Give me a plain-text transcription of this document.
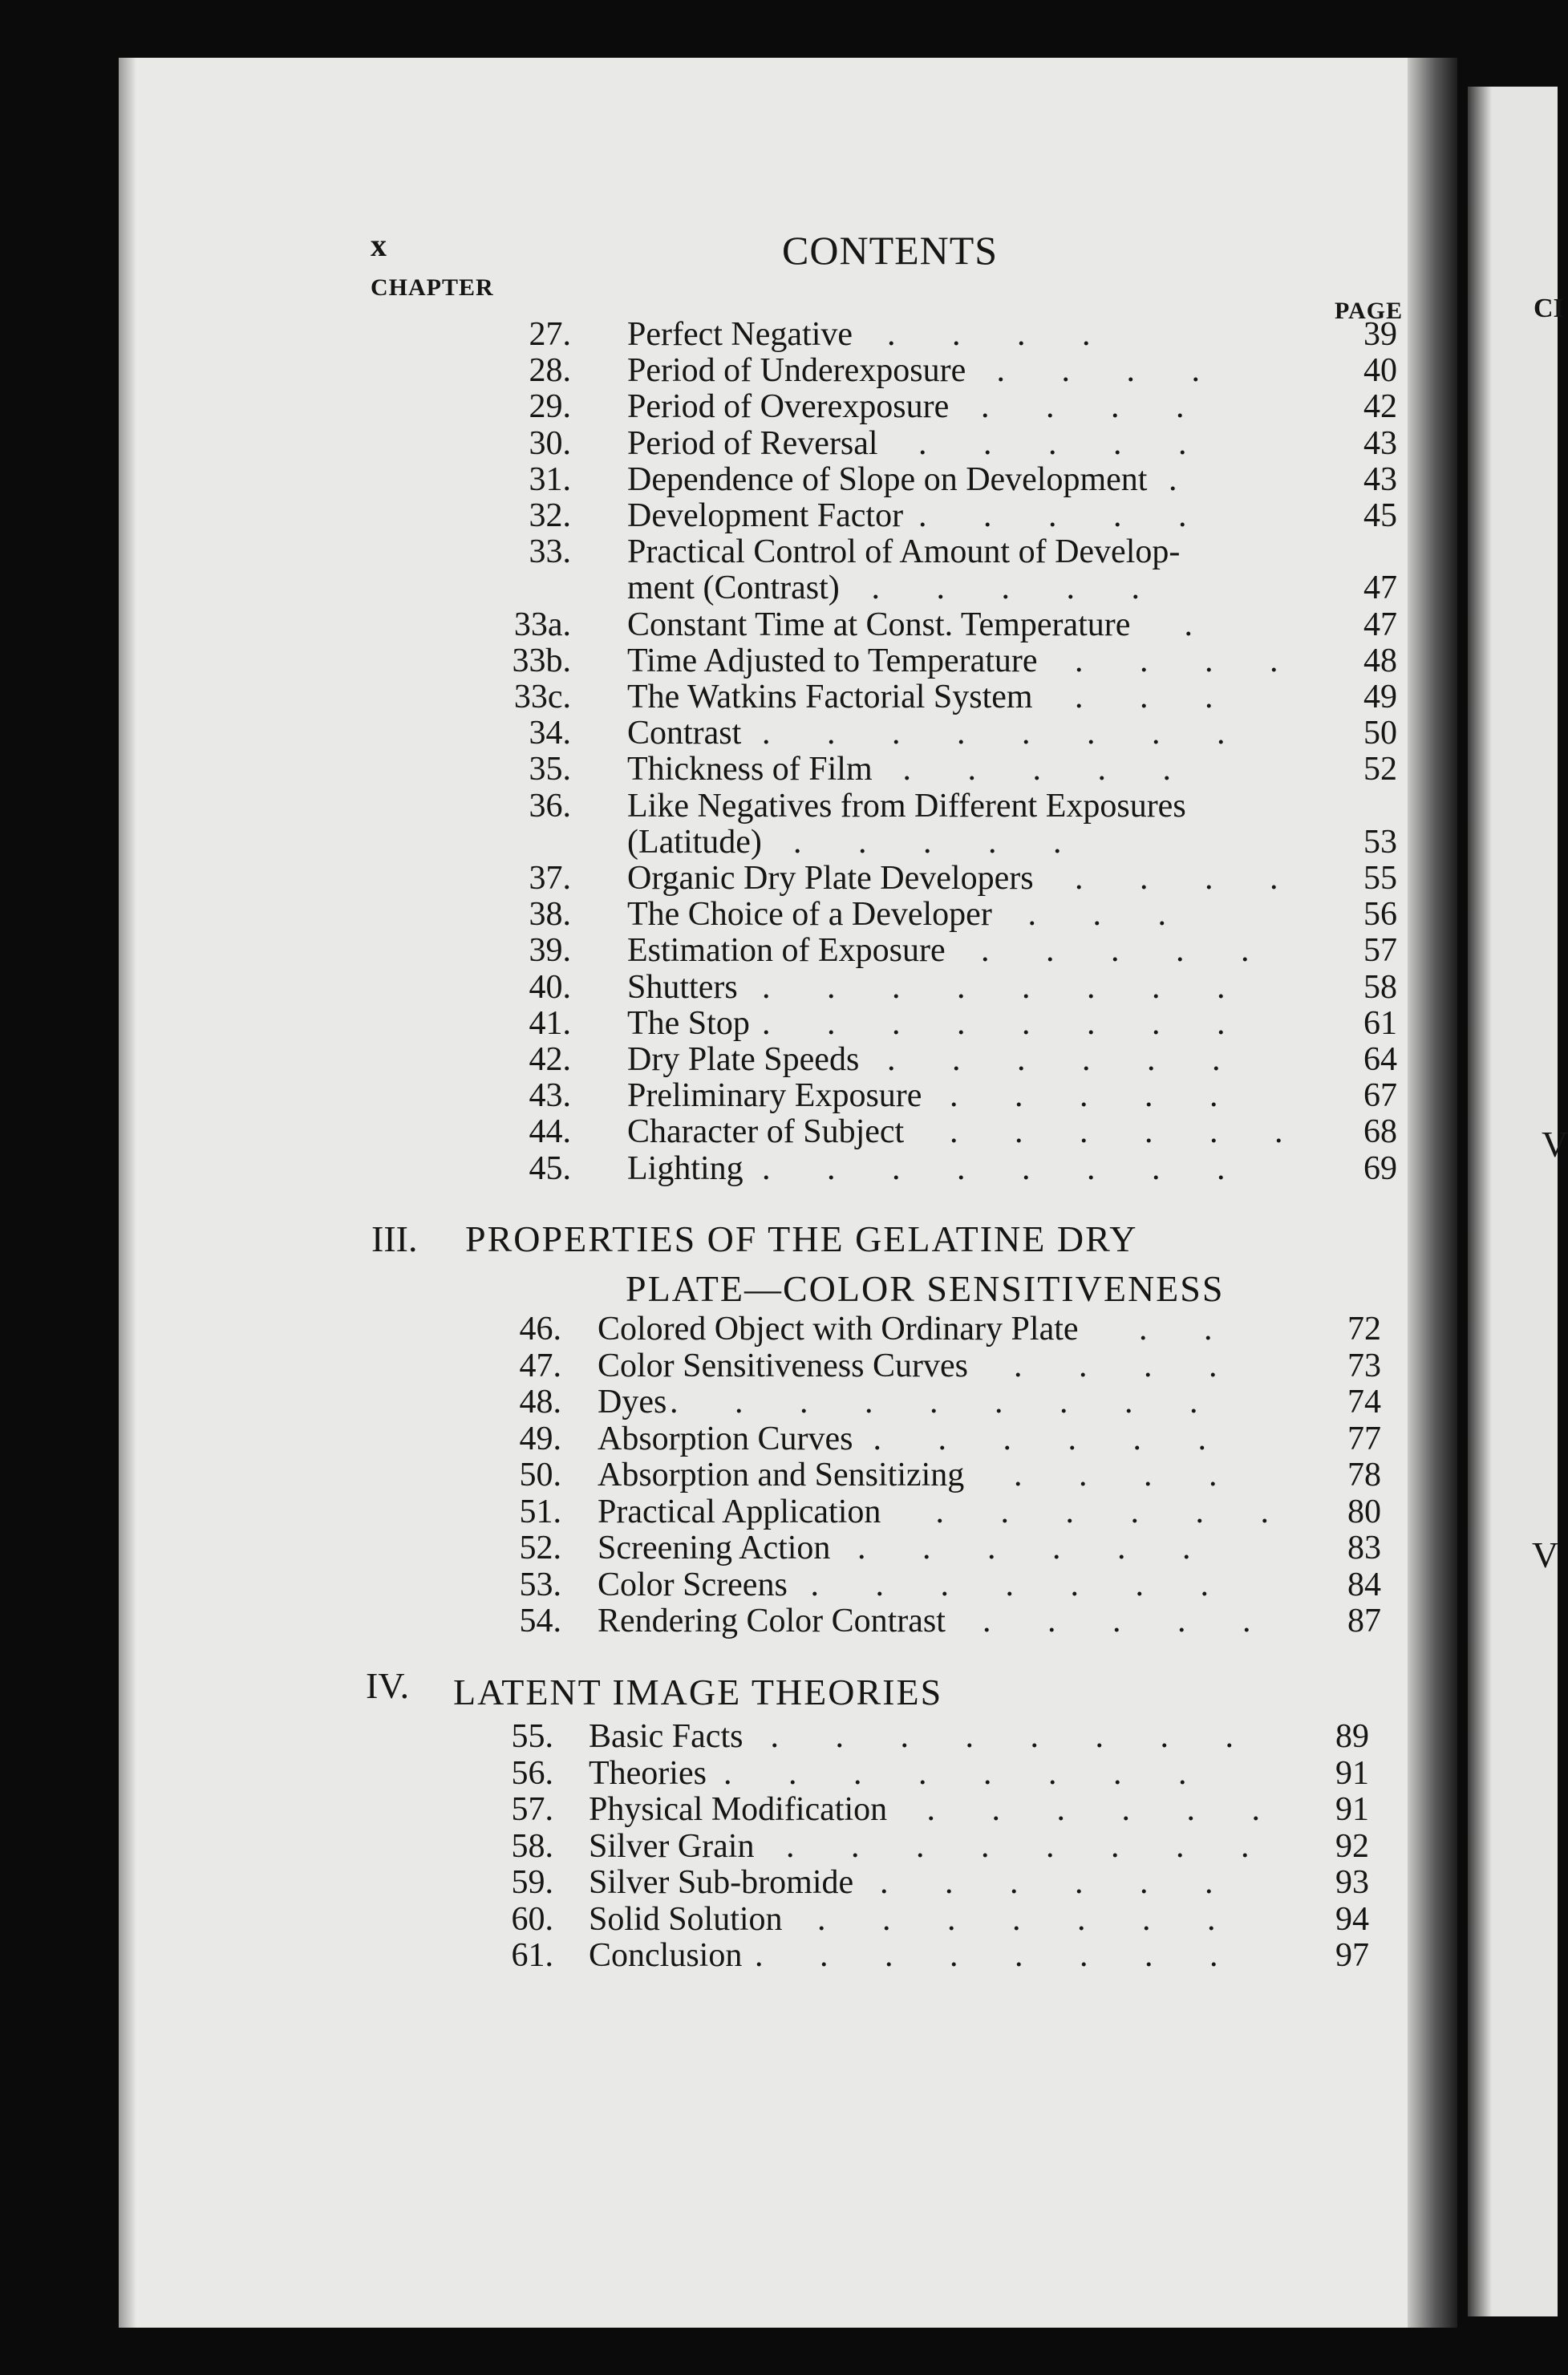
x	CONTENTS
CHAPTER
PAGE
27. Perfect Negative . . . .	39
28. Period of Underexposure . . . .	40
29. Period of Overexposure . . . .	42
30. Period of Reversal . . . . .	43
31. Dependence of Slope on Development .	43
32. Development Factor . . . . .	45
33. Practical Control of Amount of Develop-
ment (Contrast) . . . . .	47
33a. Constant Time at Const. Temperature .	47
33b. Time Adjusted to Temperature . . . .	48
33c. The Watkins Factorial System . . .	49
34. Contrast . . . . . . . .	50
35. Thickness of Film . . . . .	52
36. Like Negatives from Different Exposures
(Latitude) . . . . .	53
37. Organic Dry Plate Developers . . . .	55
38. The Choice of a Developer . . .	56
39. Estimation of Exposure . . . . .	57
40. Shutters . . . . . . . .	58
41. The Stop . . . . . . . .	61
42. Dry Plate Speeds . . . . . .	64
43. Preliminary Exposure . . . . .	67
44. Character of Subject . . . . . .	68
45. Lighting . . . . . . . .	69
III. PROPERTIES OF THE GELATINE DRY
PLATE—COLOR SENSITIVENESS
46. Colored Object with Ordinary Plate . .	72
47. Color Sensitiveness Curves . . . .	73
48. Dyes . . . . . . . . .	74
49. Absorption Curves . . . . . .	77
50. Absorption and Sensitizing . . . .	78
51. Practical Application . . . . . .	80
52. Screening Action . . . . . .	83
53. Color Screens . . . . . . .	84
54. Rendering Color Contrast . . . . .	87
IV. LATENT IMAGE THEORIES
55. Basic Facts . . . . . . . .	89
56. Theories . . . . . . . .	91
57. Physical Modification . . . . . .	91
58. Silver Grain . . . . . . . .	92
59. Silver Sub-bromide . . . . . .	93
60. Solid Solution . . . . . . .	94
61. Conclusion . . . . . . . .	97
CI
V
V
